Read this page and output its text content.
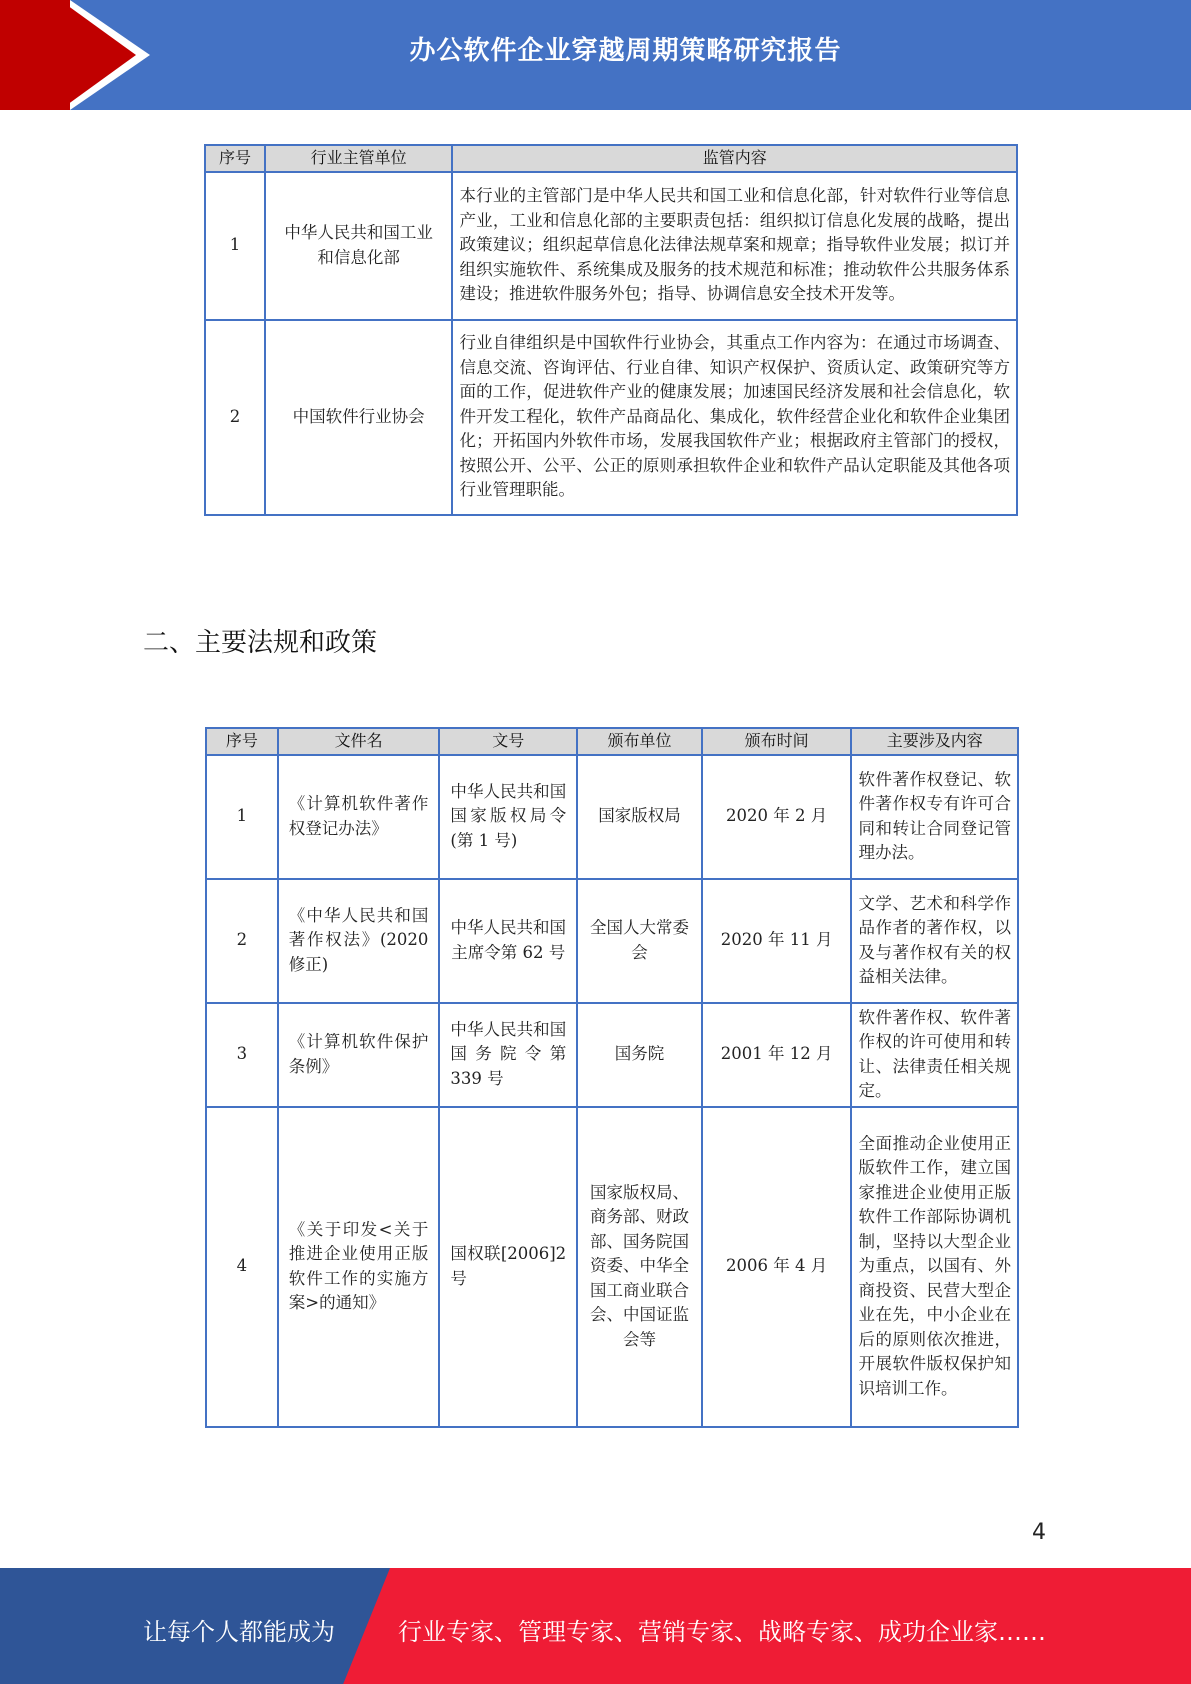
办公软件企业穿越周期策略研究报告
序号	行业主管单位	监管内容
1	中华人民共和国工业和信息化部	本行业的主管部门是中华人民共和国工业和信息化部，针对软件行业等信息产业，工业和信息化部的主要职责包括：组织拟订信息化发展的战略，提出政策建议；组织起草信息化法律法规草案和规章；指导软件业发展；拟订并组织实施软件、系统集成及服务的技术规范和标准；推动软件公共服务体系建设；推进软件服务外包；指导、协调信息安全技术开发等。
2	中国软件行业协会	行业自律组织是中国软件行业协会，其重点工作内容为：在通过市场调查、信息交流、咨询评估、行业自律、知识产权保护、资质认定、政策研究等方面的工作，促进软件产业的健康发展；加速国民经济发展和社会信息化，软件开发工程化，软件产品商品化、集成化，软件经营企业化和软件企业集团化；开拓国内外软件市场，发展我国软件产业；根据政府主管部门的授权，按照公开、公平、公正的原则承担软件企业和软件产品认定职能及其他各项行业管理职能。
二、主要法规和政策
序号	文件名	文号	颁布单位	颁布时间	主要涉及内容
1	《计算机软件著作权登记办法》	中华人民共和国国家版权局令(第 1 号)	国家版权局	2020 年 2 月	软件著作权登记、软件著作权专有许可合同和转让合同登记管理办法。
2	《中华人民共和国著作权法》(2020 修正)	中华人民共和国主席令第 62 号	全国人大常委会	2020 年 11 月	文学、艺术和科学作品作者的著作权，以及与著作权有关的权益相关法律。
3	《计算机软件保护条例》	中华人民共和国国务院令第 339 号	国务院	2001 年 12 月	软件著作权、软件著作权的许可使用和转让、法律责任相关规定。
4	《关于印发<关于推进企业使用正版软件工作的实施方案>的通知》	国权联[2006]2 号	国家版权局、商务部、财政部、国务院国资委、中华全国工商业联合会、中国证监会等	2006 年 4 月	全面推动企业使用正版软件工作，建立国家推进企业使用正版软件工作部际协调机制，坚持以大型企业为重点，以国有、外商投资、民营大型企业在先，中小企业在后的原则依次推进，开展软件版权保护知识培训工作。
4
让每个人都能成为	行业专家、管理专家、营销专家、战略专家、成功企业家……
